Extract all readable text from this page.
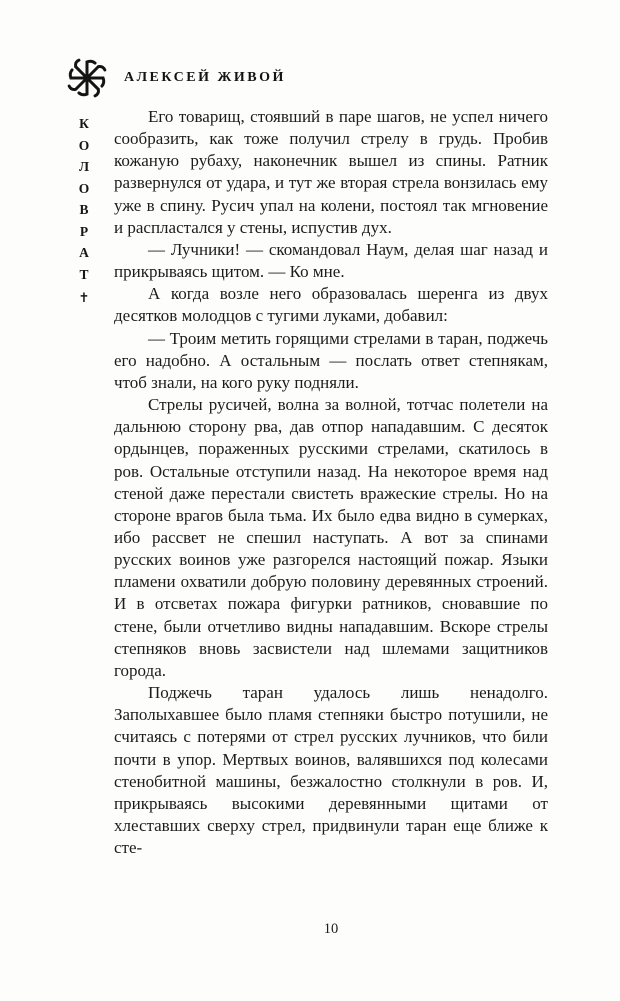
АЛЕКСЕЙ ЖИВОЙ
К
О
Л
О
В
Р
А
Т
✝

Его товарищ, стоявший в паре шагов, не успел ничего сообразить, как тоже получил стрелу в грудь. Пробив кожаную рубаху, наконечник вышел из спины. Ратник развернулся от удара, и тут же вторая стрела вонзилась ему уже в спину. Русич упал на колени, постоял так мгновение и распластался у стены, испустив дух.

— Лучники! — скомандовал Наум, делая шаг назад и прикрываясь щитом. — Ко мне.

А когда возле него образовалась шеренга из двух десятков молодцов с тугими луками, добавил:

— Троим метить горящими стрелами в таран, поджечь его надобно. А остальным — послать ответ степнякам, чтоб знали, на кого руку подняли.

Стрелы русичей, волна за волной, тотчас полетели на дальнюю сторону рва, дав отпор нападавшим. С десяток ордынцев, пораженных русскими стрелами, скатилось в ров. Остальные отступили назад. На некоторое время над стеной даже перестали свистеть вражеские стрелы. Но на стороне врагов была тьма. Их было едва видно в сумерках, ибо рассвет не спешил наступать. А вот за спинами русских воинов уже разгорелся настоящий пожар. Языки пламени охватили добрую половину деревянных строений. И в отсветах пожара фигурки ратников, сновавшие по стене, были отчетливо видны нападавшим. Вскоре стрелы степняков вновь засвистели над шлемами защитников города.

Поджечь таран удалось лишь ненадолго. Заполыхавшее было пламя степняки быстро потушили, не считаясь с потерями от стрел русских лучников, что били почти в упор. Мертвых воинов, валявшихся под колесами стенобитной машины, безжалостно столкнули в ров. И, прикрываясь высокими деревянными щитами от хлеставших сверху стрел, придвинули таран еще ближе к сте-

10
